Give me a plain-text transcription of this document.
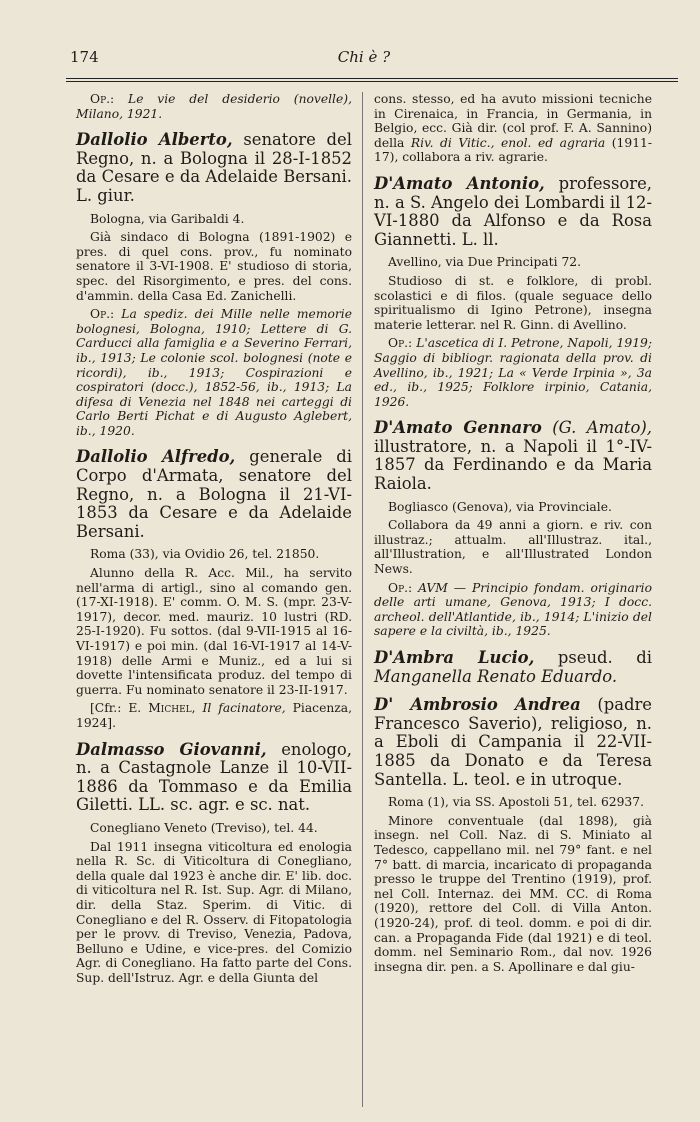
174	Chi è ?

Op.: Le vie del desiderio (novelle), Milano, 1921.

Dallolio Alberto, senatore del Regno, n. a Bologna il 28-I-1852 da Cesare e da Adelaide Bersani. L. giur.

Bologna, via Garibaldi 4.

Già sindaco di Bologna (1891-1902) e pres. di quel cons. prov., fu nominato senatore il 3-VI-1908. E' studioso di storia, spec. del Risorgimento, e pres. del cons. d'ammin. della Casa Ed. Zanichelli.

Op.: La spediz. dei Mille nelle memorie bolognesi, Bologna, 1910; Lettere di G. Carducci alla famiglia e a Severino Ferrari, ib., 1913; Le colonie scol. bolognesi (note e ricordi), ib., 1913; Cospirazioni e cospiratori (docc.), 1852-56, ib., 1913; La difesa di Venezia nel 1848 nei carteggi di Carlo Berti Pichat e di Augusto Aglebert, ib., 1920.

Dallolio Alfredo, generale di Corpo d'Armata, senatore del Regno, n. a Bologna il 21-VI-1853 da Cesare e da Adelaide Bersani.

Roma (33), via Ovidio 26, tel. 21850.

Alunno della R. Acc. Mil., ha servito nell'arma di artigl., sino al comando gen. (17-XI-1918). E' comm. O. M. S. (mpr. 23-V-1917), decor. med. mauriz. 10 lustri (RD. 25-I-1920). Fu sottos. (dal 9-VII-1915 al 16-VI-1917) e poi min. (dal 16-VI-1917 al 14-V-1918) delle Armi e Muniz., ed a lui si dovette l'intensificata produz. del tempo di guerra. Fu nominato senatore il 23-II-1917.

[Cfr.: E. Michel, Il facinatore, Piacenza, 1924].

Dalmasso Giovanni, enologo, n. a Castagnole Lanze il 10-VII-1886 da Tommaso e da Emilia Giletti. LL. sc. agr. e sc. nat.

Conegliano Veneto (Treviso), tel. 44.

Dal 1911 insegna viticoltura ed enologia nella R. Sc. di Viticoltura di Conegliano, della quale dal 1923 è anche dir. E' lib. doc. di viticoltura nel R. Ist. Sup. Agr. di Milano, dir. della Staz. Sperim. di Vitic. di Conegliano e del R. Osserv. di Fitopatologia per le provv. di Treviso, Venezia, Padova, Belluno e Udine, e vice-pres. del Comizio Agr. di Conegliano. Ha fatto parte del Cons. Sup. dell'Istruz. Agr. e della Giunta del

cons. stesso, ed ha avuto missioni tecniche in Cirenaica, in Francia, in Germania, in Belgio, ecc. Già dir. (col prof. F. A. Sannino) della Riv. di Vitic., enol. ed agraria (1911-17), collabora a riv. agrarie.

D'Amato Antonio, professore, n. a S. Angelo dei Lombardi il 12-VI-1880 da Alfonso e da Rosa Giannetti. L. ll.

Avellino, via Due Principati 72.

Studioso di st. e folklore, di probl. scolastici e di filos. (quale seguace dello spiritualismo di Igino Petrone), insegna materie letterar. nel R. Ginn. di Avellino.

Op.: L'ascetica di I. Petrone, Napoli, 1919; Saggio di bibliogr. ragionata della prov. di Avellino, ib., 1921; La « Verde Irpinia », 3a ed., ib., 1925; Folklore irpinio, Catania, 1926.

D'Amato Gennaro (G. Amato), illustratore, n. a Napoli il 1°-IV-1857 da Ferdinando e da Maria Raiola.

Bogliasco (Genova), via Provinciale.

Collabora da 49 anni a giorn. e riv. con illustraz.; attualm. all'Illustraz. ital., all'Illustration, e all'Illustrated London News.

Op.: AVM — Principio fondam. originario delle arti umane, Genova, 1913; I docc. archeol. dell'Atlantide, ib., 1914; L'inizio del sapere e la civiltà, ib., 1925.

D'Ambra Lucio, pseud. di Manganella Renato Eduardo.

D' Ambrosio Andrea (padre Francesco Saverio), religioso, n. a Eboli di Campania il 22-VII-1885 da Donato e da Teresa Santella. L. teol. e in utroque.

Roma (1), via SS. Apostoli 51, tel. 62937.

Minore conventuale (dal 1898), già insegn. nel Coll. Naz. di S. Miniato al Tedesco, cappellano mil. nel 79° fant. e nel 7° batt. di marcia, incaricato di propaganda presso le truppe del Trentino (1919), prof. nel Coll. Internaz. dei MM. CC. di Roma (1920), rettore del Coll. di Villa Anton. (1920-24), prof. di teol. domm. e poi di dir. can. a Propaganda Fide (dal 1921) e di teol. domm. nel Seminario Rom., dal nov. 1926 insegna dir. pen. a S. Apollinare e dal giu-
